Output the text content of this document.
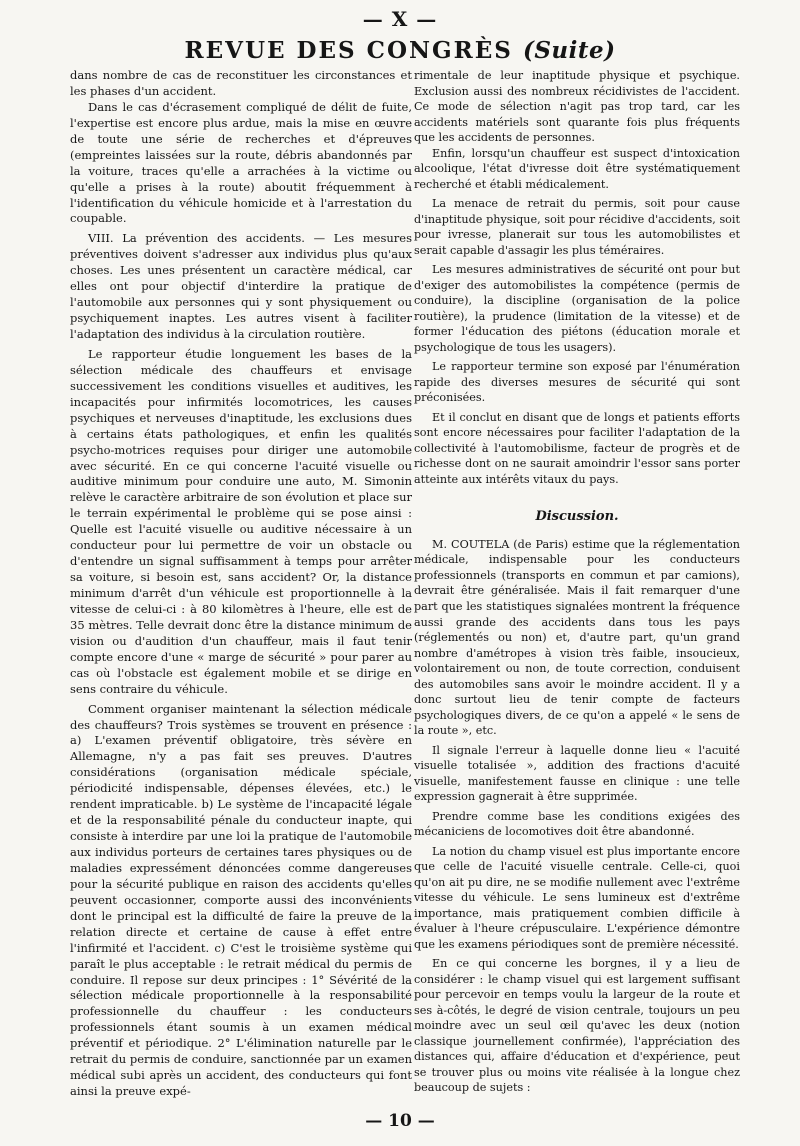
— X —
REVUE DES CONGRÈS (Suite)

dans nombre de cas de reconstituer les circonstances et les phases d'un accident.

Dans le cas d'écrasement compliqué de délit de fuite, l'expertise est encore plus ardue, mais la mise en œuvre de toute une série de recherches et d'épreuves (empreintes laissées sur la route, débris abandonnés par la voiture, traces qu'elle a arrachées à la victime ou qu'elle a prises à la route) aboutit fréquemment à l'identification du véhicule homicide et à l'arrestation du coupable.

VIII. La prévention des accidents. — Les mesures préventives doivent s'adresser aux individus plus qu'aux choses. Les unes présentent un caractère médical, car elles ont pour objectif d'interdire la pratique de l'automobile aux personnes qui y sont physiquement ou psychiquement inaptes. Les autres visent à faciliter l'adaptation des individus à la circulation routière.

Le rapporteur étudie longuement les bases de la sélection médicale des chauffeurs et envisage successivement les conditions visuelles et auditives, les incapacités pour infirmités locomotrices, les causes psychiques et nerveuses d'inaptitude, les exclusions dues à certains états pathologiques, et enfin les qualités psycho-motrices requises pour diriger une automobile avec sécurité. En ce qui concerne l'acuité visuelle ou auditive minimum pour conduire une auto, M. Simonin relève le caractère arbitraire de son évolution et place sur le terrain expérimental le problème qui se pose ainsi : Quelle est l'acuité visuelle ou auditive nécessaire à un conducteur pour lui permettre de voir un obstacle ou d'entendre un signal suffisamment à temps pour arrêter sa voiture, si besoin est, sans accident? Or, la distance minimum d'arrêt d'un véhicule est proportionnelle à la vitesse de celui-ci : à 80 kilomètres à l'heure, elle est de 35 mètres. Telle devrait donc être la distance minimum de vision ou d'audition d'un chauffeur, mais il faut tenir compte encore d'une « marge de sécurité » pour parer au cas où l'obstacle est également mobile et se dirige en sens contraire du véhicule.

Comment organiser maintenant la sélection médicale des chauffeurs? Trois systèmes se trouvent en présence : a) L'examen préventif obligatoire, très sévère en Allemagne, n'y a pas fait ses preuves. D'autres considérations (organisation médicale spéciale, périodicité indispensable, dépenses élevées, etc.) le rendent impraticable. b) Le système de l'incapacité légale et de la responsabilité pénale du conducteur inapte, qui consiste à interdire par une loi la pratique de l'automobile aux individus porteurs de certaines tares physiques ou de maladies expressément dénoncées comme dangereuses pour la sécurité publique en raison des accidents qu'elles peuvent occasionner, comporte aussi des inconvénients dont le principal est la difficulté de faire la preuve de la relation directe et certaine de cause à effet entre l'infirmité et l'accident. c) C'est le troisième système qui paraît le plus acceptable : le retrait médical du permis de conduire. Il repose sur deux principes : 1° Sévérité de la sélection médicale proportionnelle à la responsabilité professionnelle du chauffeur : les conducteurs professionnels étant soumis à un examen médical préventif et périodique. 2° L'élimination naturelle par le retrait du permis de conduire, sanctionnée par un examen médical subi après un accident, des conducteurs qui font ainsi la preuve expé-

rimentale de leur inaptitude physique et psychique. Exclusion aussi des nombreux récidivistes de l'accident. Ce mode de sélection n'agit pas trop tard, car les accidents matériels sont quarante fois plus fréquents que les accidents de personnes.

Enfin, lorsqu'un chauffeur est suspect d'intoxication alcoolique, l'état d'ivresse doit être systématiquement recherché et établi médicalement.

La menace de retrait du permis, soit pour cause d'inaptitude physique, soit pour récidive d'accidents, soit pour ivresse, planerait sur tous les automobilistes et serait capable d'assagir les plus téméraires.

Les mesures administratives de sécurité ont pour but d'exiger des automobilistes la compétence (permis de conduire), la discipline (organisation de la police routière), la prudence (limitation de la vitesse) et de former l'éducation des piétons (éducation morale et psychologique de tous les usagers).

Le rapporteur termine son exposé par l'énumération rapide des diverses mesures de sécurité qui sont préconisées.

Et il conclut en disant que de longs et patients efforts sont encore nécessaires pour faciliter l'adaptation de la collectivité à l'automobilisme, facteur de progrès et de richesse dont on ne saurait amoindrir l'essor sans porter atteinte aux intérêts vitaux du pays.

Discussion.

M. COUTELA (de Paris) estime que la réglementation médicale, indispensable pour les conducteurs professionnels (transports en commun et par camions), devrait être généralisée. Mais il fait remarquer d'une part que les statistiques signalées montrent la fréquence aussi grande des accidents dans tous les pays (réglementés ou non) et, d'autre part, qu'un grand nombre d'amétropes à vision très faible, insoucieux, volontairement ou non, de toute correction, conduisent des automobiles sans avoir le moindre accident. Il y a donc surtout lieu de tenir compte de facteurs psychologiques divers, de ce qu'on a appelé « le sens de la route », etc.

Il signale l'erreur à laquelle donne lieu « l'acuité visuelle totalisée », addition des fractions d'acuité visuelle, manifestement fausse en clinique : une telle expression gagnerait à être supprimée.

Prendre comme base les conditions exigées des mécaniciens de locomotives doit être abandonné.

La notion du champ visuel est plus importante encore que celle de l'acuité visuelle centrale. Celle-ci, quoi qu'on ait pu dire, ne se modifie nullement avec l'extrême vitesse du véhicule. Le sens lumineux est d'extrême importance, mais pratiquement combien difficile à évaluer à l'heure crépusculaire. L'expérience démontre que les examens périodiques sont de première nécessité.

En ce qui concerne les borgnes, il y a lieu de considérer : le champ visuel qui est largement suffisant pour percevoir en temps voulu la largeur de la route et ses à-côtés, le degré de vision centrale, toujours un peu moindre avec un seul œil qu'avec les deux (notion classique journellement confirmée), l'appréciation des distances qui, affaire d'éducation et d'expérience, peut se trouver plus ou moins vite réalisée à la longue chez beaucoup de sujets :

— 10 —
